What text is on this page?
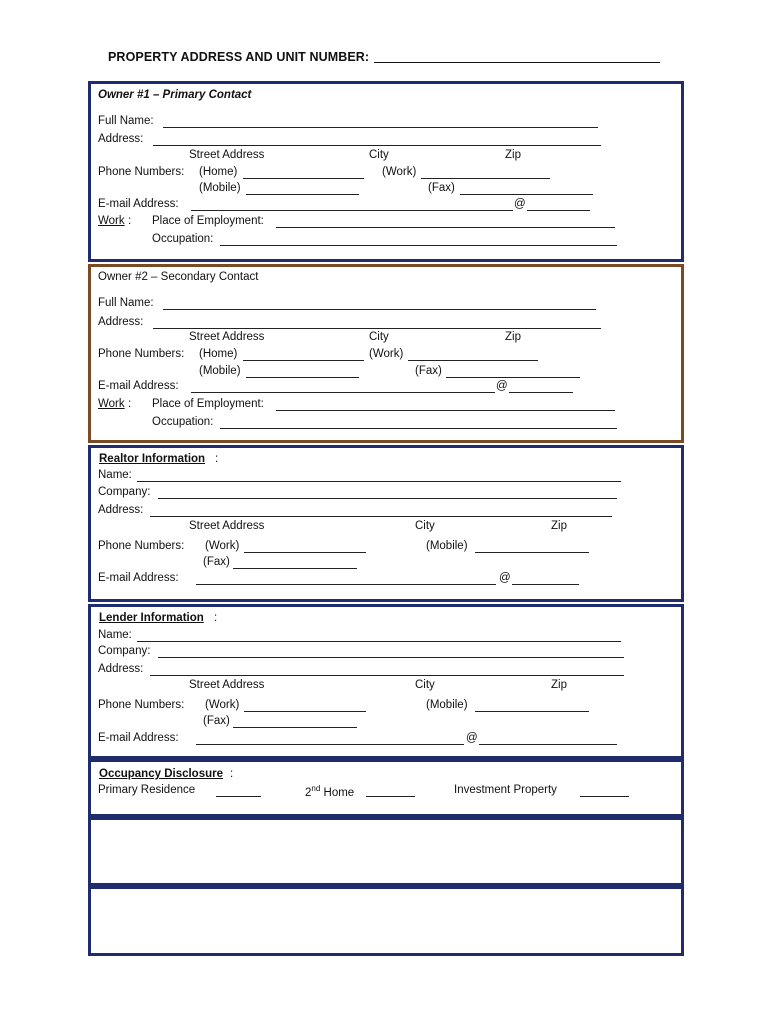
PROPERTY ADDRESS AND UNIT NUMBER:
Owner #1 – Primary Contact
Full Name:
Address:
Street Address	City	Zip
Phone Numbers: (Home)	(Work)
(Mobile)	(Fax)
E-mail Address:	@
Work : Place of Employment:
Occupation:
Owner #2 – Secondary Contact
Full Name:
Address:
Street Address	City	Zip
Phone Numbers: (Home)	(Work)
(Mobile)	(Fax)
E-mail Address:	@
Work : Place of Employment:
Occupation:
Realtor Information :
Name:
Company:
Address:
Street Address	City	Zip
Phone Numbers: (Work)	(Mobile)
(Fax)
E-mail Address:	@
Lender Information :
Name:
Company:
Address:
Street Address	City	Zip
Phone Numbers: (Work)	(Mobile)
(Fax)
E-mail Address:	@
Occupancy Disclosure :
Primary Residence	2nd Home	Investment Property
